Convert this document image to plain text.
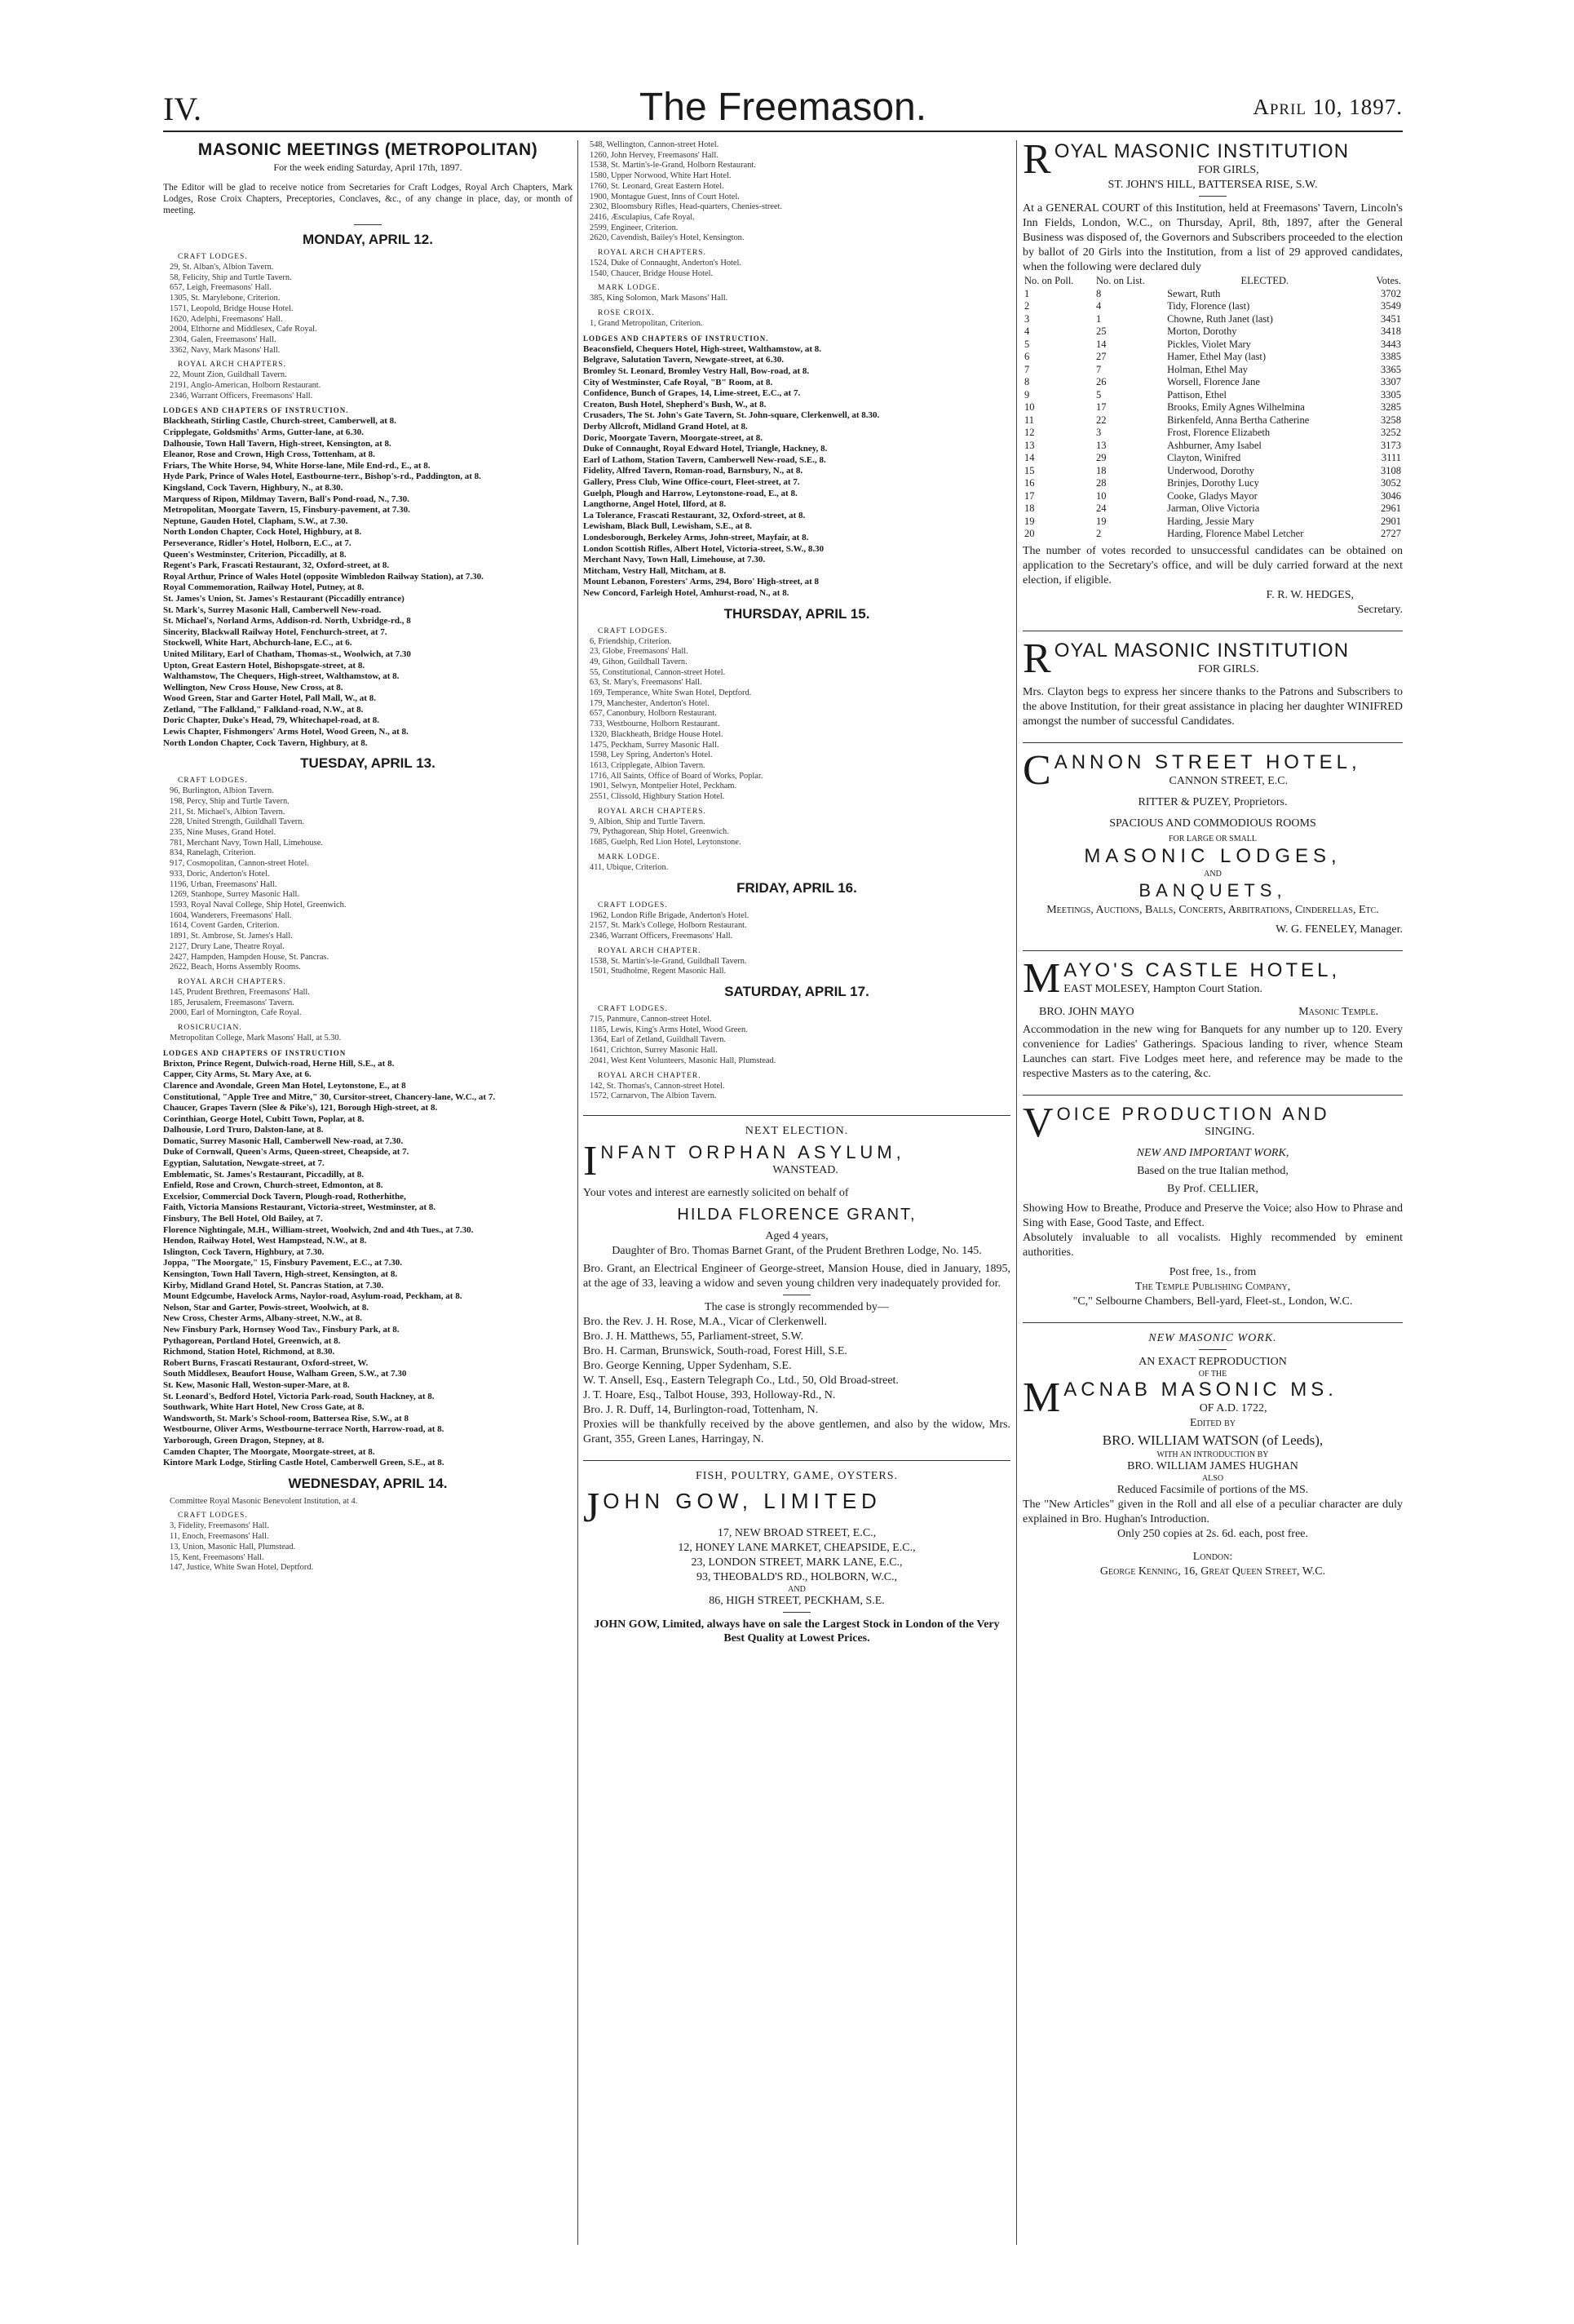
IV.	The Freemason.	April 10, 1897.
MASONIC MEETINGS (METROPOLITAN)
For the week ending Saturday, April 17th, 1897.
The Editor will be glad to receive notice from Secretaries for Craft Lodges, Royal Arch Chapters, Mark Lodges, Rose Croix Chapters, Preceptories, Conclaves, &c., of any change in place, day, or month of meeting.
MONDAY, APRIL 12.
CRAFT LODGES.
29, St. Alban's, Albion Tavern.
58, Felicity, Ship and Turtle Tavern.
657, Leigh, Freemasons' Hall.
1305, St. Marylebone, Criterion.
1571, Leopold, Bridge House Hotel.
1620, Adelphi, Freemasons' Hall.
2004, Elthorne and Middlesex, Cafe Royal.
2304, Galen, Freemasons' Hall.
3362, Navy, Mark Masons' Hall.
ROYAL ARCH CHAPTERS.
22, Mount Zion, Guildhall Tavern.
2191, Anglo-American, Holborn Restaurant.
2346, Warrant Officers, Freemasons' Hall.
LODGES AND CHAPTERS OF INSTRUCTION.
Blackheath, Stirling Castle, Church-street, Camberwell, at 8.
Cripplegate, Goldsmiths' Arms, Gutter-lane, at 6.30.
Dalhousie, Town Hall Tavern, High-street, Kensington, at 8.
Eleanor, Rose and Crown, High Cross, Tottenham, at 8.
Friars, The White Horse, 94, White Horse-lane, Mile End-rd., E., at 8.
Hyde Park, Prince of Wales Hotel, Eastbourne-terr., Bishop's-rd., Paddington, at 8.
Kingsland, Cock Tavern, Highbury, N., at 8.30.
Marquess of Ripon, Mildmay Tavern, Ball's Pond-road, N., 7.30.
Metropolitan, Moorgate Tavern, 15, Finsbury-pavement, at 7.30.
Neptune, Gauden Hotel, Clapham, S.W., at 7.30.
North London Chapter, Cock Hotel, Highbury, at 8.
Perseverance, Ridler's Hotel, Holborn, E.C., at 7.
Queen's Westminster, Criterion, Piccadilly, at 8.
Regent's Park, Frascati Restaurant, 32, Oxford-street, at 8.
Royal Arthur, Prince of Wales Hotel (opposite Wimbledon Railway Station), at 7.30.
Royal Commemoration, Railway Hotel, Putney, at 8.
St. James's Union, St. James's Restaurant (Piccadilly entrance)
St. Mark's, Surrey Masonic Hall, Camberwell New-road.
St. Michael's, Norland Arms, Addison-rd. North, Uxbridge-rd., 8
Sincerity, Blackwall Railway Hotel, Fenchurch-street, at 7.
Stockwell, White Hart, Abchurch-lane, E.C., at 6.
United Military, Earl of Chatham, Thomas-st., Woolwich, at 7.30
Upton, Great Eastern Hotel, Bishopsgate-street, at 8.
Walthamstow, The Chequers, High-street, Walthamstow, at 8.
Wellington, New Cross House, New Cross, at 8.
Wood Green, Star and Garter Hotel, Pall Mall, W., at 8.
Zetland, "The Falkland," Falkland-road, N.W., at 8.
Doric Chapter, Duke's Head, 79, Whitechapel-road, at 8.
Lewis Chapter, Fishmongers' Arms Hotel, Wood Green, N., at 8.
North London Chapter, Cock Tavern, Highbury, at 8.
TUESDAY, APRIL 13.
CRAFT LODGES.
96, Burlington, Albion Tavern.
198, Percy, Ship and Turtle Tavern.
211, St. Michael's, Albion Tavern.
228, United Strength, Guildhall Tavern.
235, Nine Muses, Grand Hotel.
781, Merchant Navy, Town Hall, Limehouse.
834, Ranelagh, Criterion.
917, Cosmopolitan, Cannon-street Hotel.
933, Doric, Anderton's Hotel.
1196, Urban, Freemasons' Hall.
1269, Stanhope, Surrey Masonic Hall.
1593, Royal Naval College, Ship Hotel, Greenwich.
1604, Wanderers, Freemasons' Hall.
1614, Covent Garden, Criterion.
1891, St. Ambrose, St. James's Hall.
2127, Drury Lane, Theatre Royal.
2427, Hampden, Hampden House, St. Pancras.
2622, Beach, Horns Assembly Rooms.
ROYAL ARCH CHAPTERS.
145, Prudent Brethren, Freemasons' Hall.
185, Jerusalem, Freemasons' Tavern.
2000, Earl of Mornington, Cafe Royal.
ROSICRUCIAN.
Metropolitan College, Mark Masons' Hall, at 5.30.
LODGES AND CHAPTERS OF INSTRUCTION
Brixton, Prince Regent, Dulwich-road, Herne Hill, S.E., at 8.
Capper, City Arms, St. Mary Axe, at 6.
Clarence and Avondale, Green Man Hotel, Leytonstone, E., at 8
Constitutional, "Apple Tree and Mitre," 30, Cursitor-street, Chancery-lane, W.C., at 7.
Chaucer, Grapes Tavern (Slee & Pike's), 121, Borough High-street, at 8.
Corinthian, George Hotel, Cubitt Town, Poplar, at 8.
Dalhousie, Lord Truro, Dalston-lane, at 8.
Domatic, Surrey Masonic Hall, Camberwell New-road, at 7.30.
Duke of Cornwall, Queen's Arms, Queen-street, Cheapside, at 7.
Egyptian, Salutation, Newgate-street, at 7.
Emblematic, St. James's Restaurant, Piccadilly, at 8.
Enfield, Rose and Crown, Church-street, Edmonton, at 8.
Excelsior, Commercial Dock Tavern, Plough-road, Rotherhithe,
Faith, Victoria Mansions Restaurant, Victoria-street, Westminster, at 8.
Finsbury, The Bell Hotel, Old Bailey, at 7.
Florence Nightingale, M.H., William-street, Woolwich, 2nd and 4th Tues., at 7.30.
Hendon, Railway Hotel, West Hampstead, N.W., at 8.
Islington, Cock Tavern, Highbury, at 7.30.
Joppa, "The Moorgate," 15, Finsbury Pavement, E.C., at 7.30.
Kensington, Town Hall Tavern, High-street, Kensington, at 8.
Kirby, Midland Grand Hotel, St. Pancras Station, at 7.30.
Mount Edgcumbe, Havelock Arms, Naylor-road, Asylum-road, Peckham, at 8.
Nelson, Star and Garter, Powis-street, Woolwich, at 8.
New Cross, Chester Arms, Albany-street, N.W., at 8.
New Finsbury Park, Hornsey Wood Tav., Finsbury Park, at 8.
Pythagorean, Portland Hotel, Greenwich, at 8.
Richmond, Station Hotel, Richmond, at 8.30.
Robert Burns, Frascati Restaurant, Oxford-street, W.
South Middlesex, Beaufort House, Walham Green, S.W., at 7.30
St. Kew, Masonic Hall, Weston-super-Mare, at 8.
St. Leonard's, Bedford Hotel, Victoria Park-road, South Hackney, at 8.
Southwark, White Hart Hotel, New Cross Gate, at 8.
Wandsworth, St. Mark's School-room, Battersea Rise, S.W., at 8
Westbourne, Oliver Arms, Westbourne-terrace North, Harrow-road, at 8.
Yarborough, Green Dragon, Stepney, at 8.
Camden Chapter, The Moorgate, Moorgate-street, at 8.
Kintore Mark Lodge, Stirling Castle Hotel, Camberwell Green, S.E., at 8.
WEDNESDAY, APRIL 14.
Committee Royal Masonic Benevolent Institution, at 4.
CRAFT LODGES.
3, Fidelity, Freemasons' Hall.
11, Enoch, Freemasons' Hall.
13, Union, Masonic Hall, Plumstead.
15, Kent, Freemasons' Hall.
147, Justice, White Swan Hotel, Deptford.
548, Wellington, Cannon-street Hotel.
1260, John Hervey, Freemasons' Hall.
1538, St. Martin's-le-Grand, Holborn Restaurant.
1580, Upper Norwood, White Hart Hotel.
1760, St. Leonard, Great Eastern Hotel.
1900, Montague Guest, Inns of Court Hotel.
2302, Bloomsbury Rifles, Head-quarters, Chenies-street.
2416, Æsculapius, Cafe Royal.
2599, Engineer, Criterion.
2620, Cavendish, Bailey's Hotel, Kensington.
ROYAL ARCH CHAPTERS.
1524, Duke of Connaught, Anderton's Hotel.
1540, Chaucer, Bridge House Hotel.
MARK LODGE.
385, King Solomon, Mark Masons' Hall.
ROSE CROIX.
1, Grand Metropolitan, Criterion.
LODGES AND CHAPTERS OF INSTRUCTION.
Beaconsfield, Chequers Hotel, High-street, Walthamstow, at 8.
Belgrave, Salutation Tavern, Newgate-street, at 6.30.
Bromley St. Leonard, Bromley Vestry Hall, Bow-road, at 8.
City of Westminster, Cafe Royal, "B" Room, at 8.
Confidence, Bunch of Grapes, 14, Lime-street, E.C., at 7.
Creaton, Bush Hotel, Shepherd's Bush, W., at 8.
Crusaders, The St. John's Gate Tavern, St. John-square, Clerkenwell, at 8.30.
Derby Allcroft, Midland Grand Hotel, at 8.
Doric, Moorgate Tavern, Moorgate-street, at 8.
Duke of Connaught, Royal Edward Hotel, Triangle, Hackney, 8.
Earl of Lathom, Station Tavern, Camberwell New-road, S.E., 8.
Fidelity, Alfred Tavern, Roman-road, Barnsbury, N., at 8.
Gallery, Press Club, Wine Office-court, Fleet-street, at 7.
Guelph, Plough and Harrow, Leytonstone-road, E., at 8.
Langthorne, Angel Hotel, Ilford, at 8.
La Tolerance, Frascati Restaurant, 32, Oxford-street, at 8.
Lewisham, Black Bull, Lewisham, S.E., at 8.
Londesborough, Berkeley Arms, John-street, Mayfair, at 8.
London Scottish Rifles, Albert Hotel, Victoria-street, S.W., 8.30
Merchant Navy, Town Hall, Limehouse, at 7.30.
Mitcham, Vestry Hall, Mitcham, at 8.
Mount Lebanon, Foresters' Arms, 294, Boro' High-street, at 8
New Concord, Farleigh Hotel, Amhurst-road, N., at 8.
THURSDAY, APRIL 15.
CRAFT LODGES.
6, Friendship, Criterion.
23, Globe, Freemasons' Hall.
49, Gihon, Guildhall Tavern.
55, Constitutional, Cannon-street Hotel.
63, St. Mary's, Freemasons' Hall.
169, Temperance, White Swan Hotel, Deptford.
179, Manchester, Anderton's Hotel.
657, Canonbury, Holborn Restaurant.
733, Westbourne, Holborn Restaurant.
1320, Blackheath, Bridge House Hotel.
1475, Peckham, Surrey Masonic Hall.
1598, Ley Spring, Anderton's Hotel.
1613, Cripplegate, Albion Tavern.
1716, All Saints, Office of Board of Works, Poplar.
1901, Selwyn, Montpelier Hotel, Peckham.
2551, Clissold, Highbury Station Hotel.
ROYAL ARCH CHAPTERS.
9, Albion, Ship and Turtle Tavern.
79, Pythagorean, Ship Hotel, Greenwich.
1685, Guelph, Red Lion Hotel, Leytonstone.
MARK LODGE.
411, Ubique, Criterion.
FRIDAY, APRIL 16.
CRAFT LODGES.
1962, London Rifle Brigade, Anderton's Hotel.
2157, St. Mark's College, Holborn Restaurant.
2346, Warrant Officers, Freemasons' Hall.
ROYAL ARCH CHAPTER.
1538, St. Martin's-le-Grand, Guildhall Tavern.
1501, Studholme, Regent Masonic Hall.
SATURDAY, APRIL 17.
CRAFT LODGES.
715, Panmure, Cannon-street Hotel.
1185, Lewis, King's Arms Hotel, Wood Green.
1364, Earl of Zetland, Guildhall Tavern.
1641, Crichton, Surrey Masonic Hall.
2041, West Kent Volunteers, Masonic Hall, Plumstead.
ROYAL ARCH CHAPTER.
142, St. Thomas's, Cannon-street Hotel.
1572, Carnarvon, The Albion Tavern.
NEXT ELECTION.
I NFANT ORPHAN ASYLUM,
WANSTEAD.
Your votes and interest are earnestly solicited on behalf of
HILDA FLORENCE GRANT,
Aged 4 years,
Daughter of Bro. Thomas Barnet Grant, of the Prudent Brethren Lodge, No. 145.
Bro. Grant, an Electrical Engineer of George-street, Mansion House, died in January, 1895, at the age of 33, leaving a widow and seven young children very inadequately provided for.
The case is strongly recommended by—
Bro. the Rev. J. H. Rose, M.A., Vicar of Clerkenwell.
Bro. J. H. Matthews, 55, Parliament-street, S.W.
Bro. H. Carman, Brunswick, South-road, Forest Hill, S.E.
Bro. George Kenning, Upper Sydenham, S.E.
W. T. Ansell, Esq., Eastern Telegraph Co., Ltd., 50, Old Broad-street.
J. T. Hoare, Esq., Talbot House, 393, Holloway-Rd., N.
Bro. J. R. Duff, 14, Burlington-road, Tottenham, N.
Proxies will be thankfully received by the above gentlemen, and also by the widow, Mrs. Grant, 355, Green Lanes, Harringay, N.
FISH, POULTRY, GAME, OYSTERS.
J OHN GOW, LIMITED
17, NEW BROAD STREET, E.C.,
12, HONEY LANE MARKET, CHEAPSIDE, E.C.,
23, LONDON STREET, MARK LANE, E.C.,
93, THEOBALD'S RD., HOLBORN, W.C.,
AND
86, HIGH STREET, PECKHAM, S.E.
JOHN GOW, Limited, always have on sale the Largest Stock in London of the Very Best Quality at Lowest Prices.
R OYAL MASONIC INSTITUTION
FOR GIRLS,
ST. JOHN'S HILL, BATTERSEA RISE, S.W.
At a GENERAL COURT of this Institution, held at Freemasons' Tavern, Lincoln's Inn Fields, London, W.C., on Thursday, April, 8th, 1897, after the General Business was disposed of, the Governors and Subscribers proceeded to the election by ballot of 20 Girls into the Institution, from a list of 29 approved candidates, when the following were declared duly
No. on Poll.	No. on List.	ELECTED.	Votes.
1	8	Sewart, Ruth	3702
2	4	Tidy, Florence (last)	3549
3	1	Chowne, Ruth Janet (last)	3451
4	25	Morton, Dorothy	3418
5	14	Pickles, Violet Mary	3443
6	27	Hamer, Ethel May (last)	3385
7	7	Holman, Ethel May	3365
8	26	Worsell, Florence Jane	3307
9	5	Pattison, Ethel	3305
10	17	Brooks, Emily Agnes Wilhelmina	3285
11	22	Birkenfeld, Anna Bertha Catherine	3258
12	3	Frost, Florence Elizabeth	3252
13	13	Ashburner, Amy Isabel	3173
14	29	Clayton, Winifred	3111
15	18	Underwood, Dorothy	3108
16	28	Brinjes, Dorothy Lucy	3052
17	10	Cooke, Gladys Mayor	3046
18	24	Jarman, Olive Victoria	2961
19	19	Harding, Jessie Mary	2901
20	2	Harding, Florence Mabel Letcher	2727
The number of votes recorded to unsuccessful candidates can be obtained on application to the Secretary's office, and will be duly carried forward at the next election, if eligible.
F. R. W. HEDGES,
Secretary.
R OYAL MASONIC INSTITUTION
FOR GIRLS.
Mrs. Clayton begs to express her sincere thanks to the Patrons and Subscribers to the above Institution, for their great assistance in placing her daughter WINIFRED amongst the number of successful Candidates.
C ANNON STREET HOTEL,
CANNON STREET, E.C.
RITTER & PUZEY, Proprietors.
SPACIOUS AND COMMODIOUS ROOMS
FOR LARGE OR SMALL
MASONIC LODGES,
AND
BANQUETS,
Meetings, Auctions, Balls, Concerts, Arbitrations, Cinderellas, Etc.
W. G. FENELEY, Manager.
M AYO'S CASTLE HOTEL,
EAST MOLESEY, Hampton Court Station.
BRO. JOHN MAYO	Masonic Temple.
Accommodation in the new wing for Banquets for any number up to 120. Every convenience for Ladies' Gatherings. Spacious landing to river, whence Steam Launches can start. Five Lodges meet here, and reference may be made to the respective Masters as to the catering, &c.
V OICE PRODUCTION AND
SINGING.
NEW AND IMPORTANT WORK,
Based on the true Italian method,
By Prof. CELLIER,
Showing How to Breathe, Produce and Preserve the Voice; also How to Phrase and Sing with Ease, Good Taste, and Effect.
Absolutely invaluable to all vocalists. Highly recommended by eminent authorities.
Post free, 1s., from
The Temple Publishing Company,
"C," Selbourne Chambers, Bell-yard, Fleet-st., London, W.C.
NEW MASONIC WORK.
AN EXACT REPRODUCTION
OF THE
M ACNAB MASONIC MS.
OF A.D. 1722,
Edited by
BRO. WILLIAM WATSON (of Leeds),
WITH AN INTRODUCTION BY
BRO. WILLIAM JAMES HUGHAN
ALSO
Reduced Facsimile of portions of the MS.
The "New Articles" given in the Roll and all else of a peculiar character are duly explained in Bro. Hughan's Introduction.
Only 250 copies at 2s. 6d. each, post free.
London:
George Kenning, 16, Great Queen Street, W.C.
